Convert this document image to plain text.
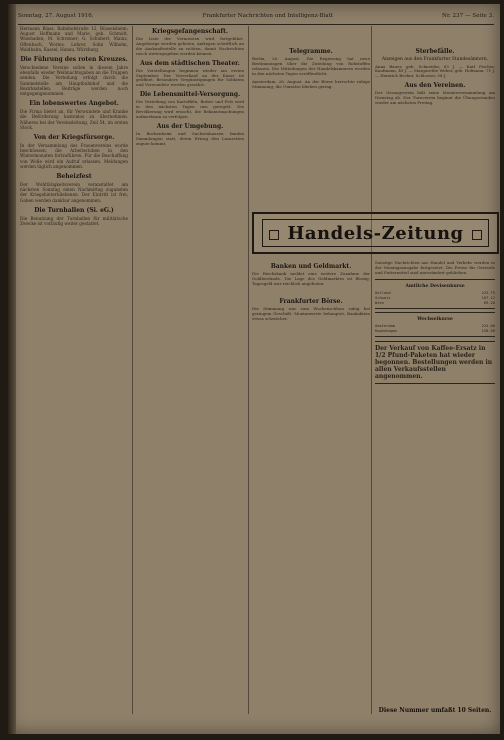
Sonntag, 27. August 1916.	Frankfurter Nachrichten und Intelligenz-Blatt	Nr. 237 — Seite 3.

Hermann Blass, Bahnhofstraße 12, Rüsselsheim; August Hoffmann und Marie, geb. Schmidt, Wiesbaden; M. Schreiner; G. Schubert, Mainz, Offenbach, Worms. Lehrer, Sohn Wilhelm, Waldbahn, Kassel, Hanau, Würzburg.

Die Führung des roten Kreuzes.

Verschiedene Vereine sollen in diesem Jahre ebenfalls wieder Weihnachtsgaben an die Truppen senden. Die Verteilung erfolgt durch die Sammelstelle am Hauptbahnhof und die Bezirksstellen. Beiträge werden noch entgegengenommen.

Ein lobenswertes Angebot.

Die Firma bietet an, für Verwundete und Kranke die Beförderung kostenlos zu übernehmen. Näheres bei der Vereinsleitung, Zeil 54, im ersten Stock.

Von der Kriegsfürsorge.

In der Versammlung des Frauenvereins wurde beschlossen, die Arbeitsstuben in den Wintermonaten fortzuführen. Für die Beschaffung von Wolle wird ein Aufruf erlassen. Meldungen werden täglich angenommen.

Beheizfest

Der Wohltätigkeitsverein veranstaltet am nächsten Sonntag einen Nachmittag zugunsten der Kriegshinterbliebenen. Der Eintritt ist frei; Gaben werden dankbar angenommen.

Die Turnhallen (Si. eG.)

Die Benutzung der Turnhallen für militärische Zwecke ist vorläufig weiter gestattet.

Kriegsgefangenschaft.

Die Liste der Vermissten wird fortgeführt. Angehörige werden gebeten, Anfragen schriftlich an die Auskunftsstelle zu richten, damit Nachrichten rasch weitergegeben werden können.

Aus dem städtischen Theater.

Die Vorstellungen beginnen wieder am ersten September. Der Vorverkauf an der Kasse ist geöffnet. Besondere Vergünstigungen für Soldaten und Verwundete werden gewährt.

Die Lebensmittel-Versorgung.

Die Verteilung von Kartoffeln, Butter und Fett wird in den nächsten Tagen neu geregelt. Die Bevölkerung wird ersucht, die Bekanntmachungen aufmerksam zu verfolgen.

Aus der Umgebung.

In Bockenheim und Sachsenhausen fanden Sammlungen statt, deren Ertrag den Lazaretten zugute kommt.

Telegramme.

Berlin, 26. August. Die Regierung hat neue Bestimmungen über die Zuteilung von Rohstoffen erlassen. Die Mitteilungen der Handelskammern werden in den nächsten Tagen veröffentlicht.

Amsterdam, 26. August. An der Börse herrschte ruhige Stimmung; die Umsätze blieben gering.

Handels-Zeitung
Banken und Geldmarkt.

Die Reichsbank meldet eine weitere Zunahme der Goldbestände. Die Lage des Geldmarktes ist flüssig; Tagesgeld war reichlich angeboten.

Frankfurter Börse.

Die Stimmung war zum Wochenschluss ruhig bei geringem Geschäft. Montanwerte behauptet, Bankaktien etwas schwächer.

Sterbefälle.
Anzeigen aus den Frankfurter Standesämtern.

Anna Bauer, geb. Schneider, 63 J. — Karl Fischer, Kaufmann, 49 J. — Margarethe Weber, geb. Hofmann, 71 J. — Heinrich Becker, Schlosser, 58 J.

Aus den Vereinen.

Der Gesangverein hält seine Monatsversammlung am Dienstag ab. Der Turnverein beginnt die Übungsstunden wieder am nächsten Freitag.

Sonstige Nachrichten aus Handel und Verkehr werden in der Montagsausgabe fortgesetzt. Die Preise für Getreide und Futtermittel sind unverändert geblieben.

Amtliche Devisenkurse
Holland	223.75
Schweiz	107.12
Wien	69.20
Wechselkurse
Amsterdam	224.00
Kopenhagen	158.50
Der Verkauf von Kaffee-Ersatz in 1/2 Pfund-Paketen hat wieder begonnen. Bestellungen werden in allen Verkaufsstellen angenommen.
Diese Nummer umfaßt 10 Seiten.
